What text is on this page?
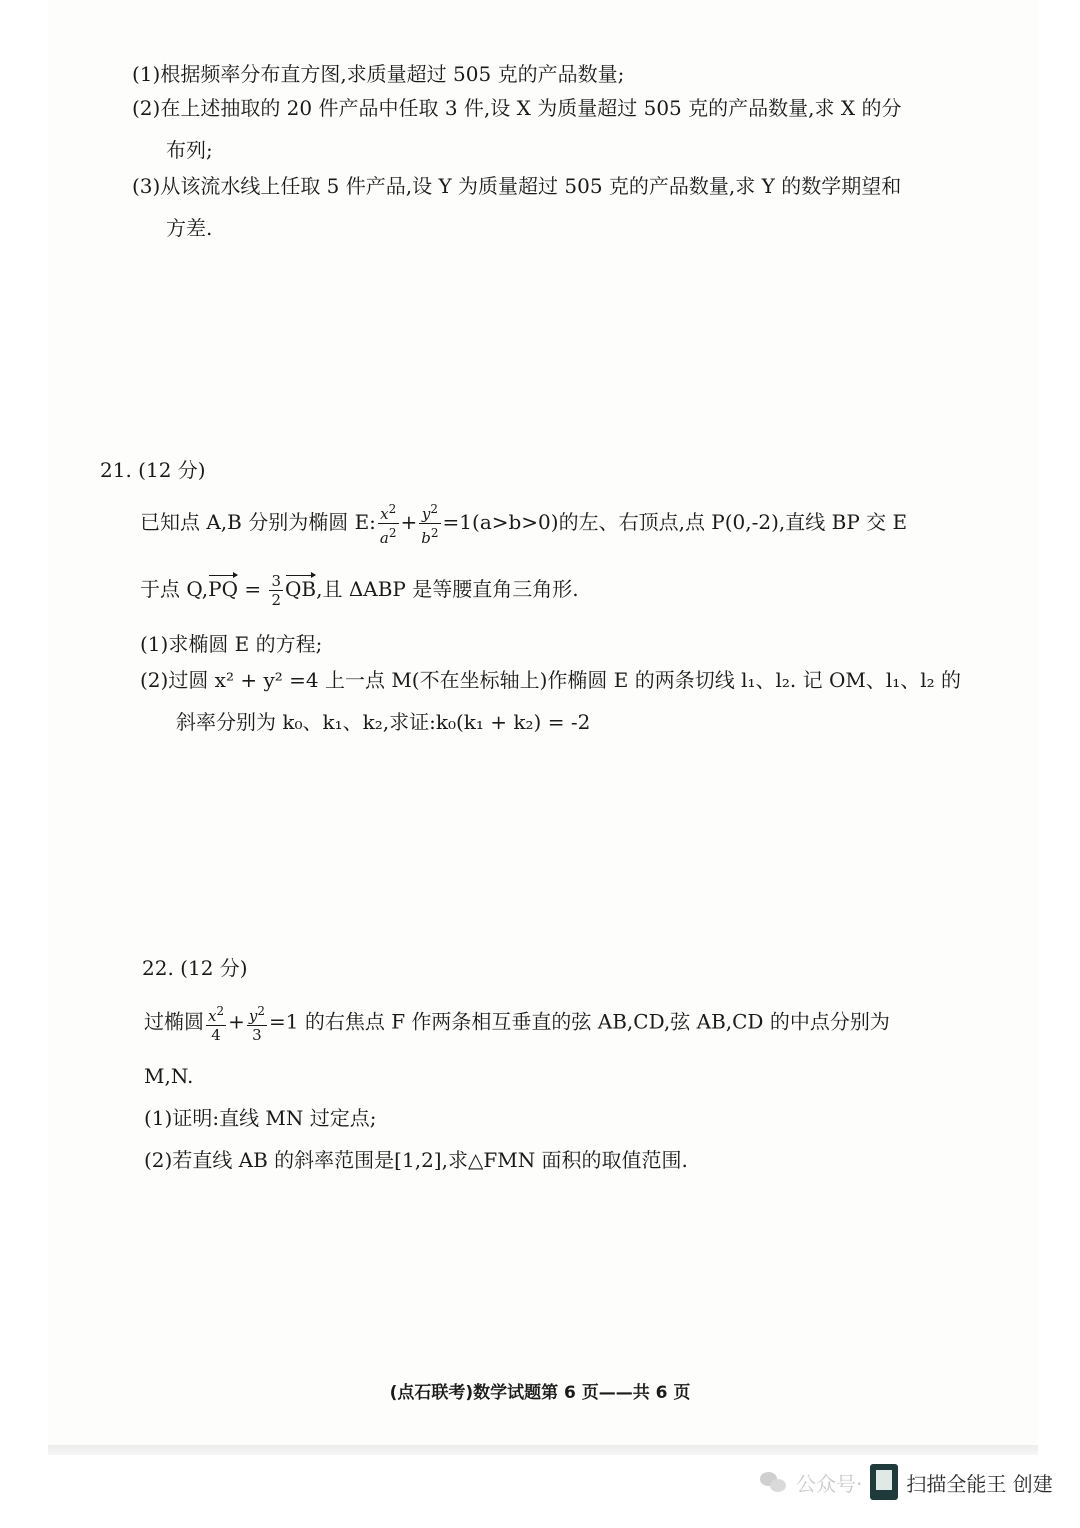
(1)根据频率分布直方图,求质量超过 505 克的产品数量;
(2)在上述抽取的 20 件产品中任取 3 件,设 X 为质量超过 505 克的产品数量,求 X 的分
布列;
(3)从该流水线上任取 5 件产品,设 Y 为质量超过 505 克的产品数量,求 Y 的数学期望和
方差.
21. (12 分)
已知点 A,B 分别为椭圆 E: $\frac{x^2}{a^2} + \frac{y^2}{b^2} =1(a>b>0)$的左、右顶点,点 P(0,-2),直线 BP 交 E
于点 $Q,PQ = \frac{3}{2}$ QB,且 ΔABP 是等腰直角三角形.
(1)求椭圆 E 的方程;
(2)过圆 x² + y² =4 上一点 M(不在坐标轴上)作椭圆 E 的两条切线 l₁、l₂. 记 OM、l₁、l₂ 的
斜率分别为 k₀、k₁、k₂,求证:k₀(k₁ + k₂) = -2
22. (12 分)
过椭圆 $\frac{x^2}{4} + \frac{y^2}{3} =1$ 的右焦点 F 作两条相互垂直的弦 AB,CD,弦 AB,CD 的中点分别为
M,N.
(1)证明:直线 MN 过定点;
(2)若直线 AB 的斜率范围是[1,2],求△FMN 面积的取值范围.
(点石联考)数学试题第 6 页——共 6 页
公众号· 扫描全能王 创建
